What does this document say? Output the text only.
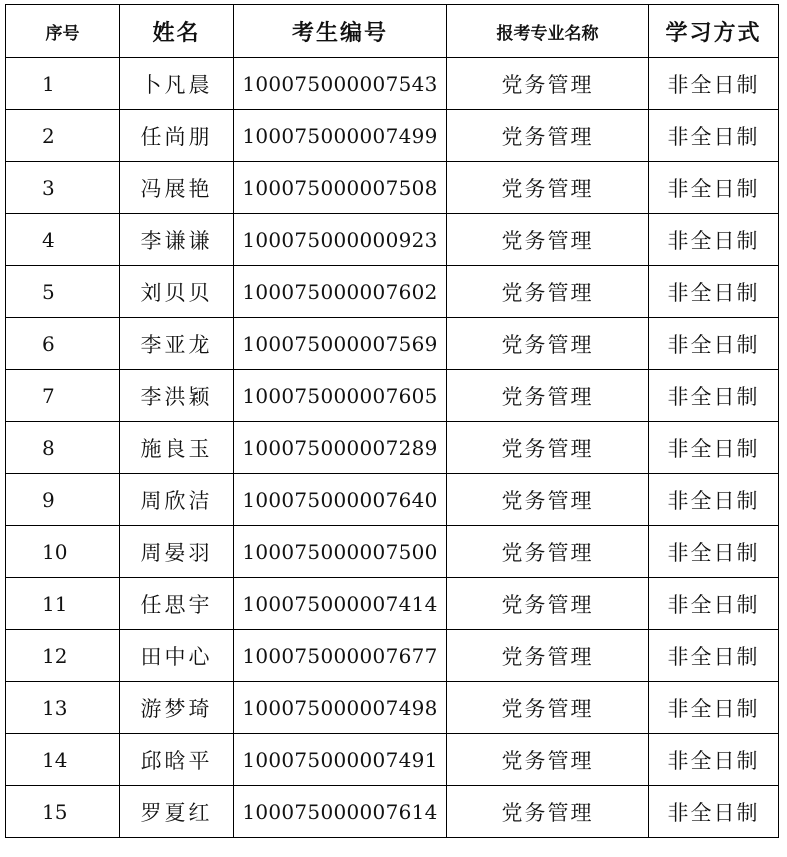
序号	姓名	考生编号	报考专业名称	学习方式
1	卜凡晨	100075000007543	党务管理	非全日制
2	任尚朋	100075000007499	党务管理	非全日制
3	冯展艳	100075000007508	党务管理	非全日制
4	李谦谦	100075000000923	党务管理	非全日制
5	刘贝贝	100075000007602	党务管理	非全日制
6	李亚龙	100075000007569	党务管理	非全日制
7	李洪颖	100075000007605	党务管理	非全日制
8	施良玉	100075000007289	党务管理	非全日制
9	周欣洁	100075000007640	党务管理	非全日制
10	周晏羽	100075000007500	党务管理	非全日制
11	任思宇	100075000007414	党务管理	非全日制
12	田中心	100075000007677	党务管理	非全日制
13	游梦琦	100075000007498	党务管理	非全日制
14	邱晗平	100075000007491	党务管理	非全日制
15	罗夏红	100075000007614	党务管理	非全日制
